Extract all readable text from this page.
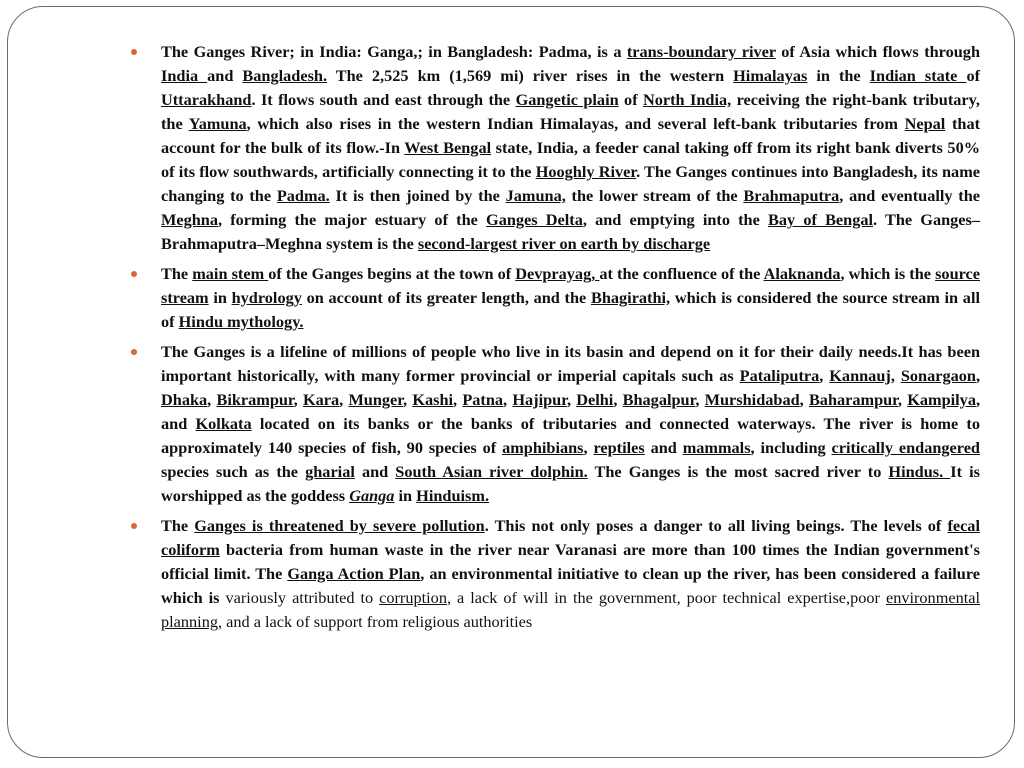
The Ganges River; in India: Ganga,; in Bangladesh: Padma, is a trans-boundary river of Asia which flows through India and Bangladesh. The 2,525 km (1,569 mi) river rises in the western Himalayas in the Indian state of Uttarakhand. It flows south and east through the Gangetic plain of North India, receiving the right-bank tributary, the Yamuna, which also rises in the western Indian Himalayas, and several left-bank tributaries from Nepal that account for the bulk of its flow.-In West Bengal state, India, a feeder canal taking off from its right bank diverts 50% of its flow southwards, artificially connecting it to the Hooghly River. The Ganges continues into Bangladesh, its name changing to the Padma. It is then joined by the Jamuna, the lower stream of the Brahmaputra, and eventually the Meghna, forming the major estuary of the Ganges Delta, and emptying into the Bay of Bengal. The Ganges–Brahmaputra–Meghna system is the second-largest river on earth by discharge
The main stem of the Ganges begins at the town of Devprayag, at the confluence of the Alaknanda, which is the source stream in hydrology on account of its greater length, and the Bhagirathi, which is considered the source stream in all of Hindu mythology.
The Ganges is a lifeline of millions of people who live in its basin and depend on it for their daily needs.It has been important historically, with many former provincial or imperial capitals such as Pataliputra, Kannauj, Sonargaon, Dhaka, Bikrampur, Kara, Munger, Kashi, Patna, Hajipur, Delhi, Bhagalpur, Murshidabad, Baharampur, Kampilya, and Kolkata located on its banks or the banks of tributaries and connected waterways. The river is home to approximately 140 species of fish, 90 species of amphibians, reptiles and mammals, including critically endangered species such as the gharial and South Asian river dolphin. The Ganges is the most sacred river to Hindus. It is worshipped as the goddess Ganga in Hinduism.
The Ganges is threatened by severe pollution. This not only poses a danger to all living beings. The levels of fecal coliform bacteria from human waste in the river near Varanasi are more than 100 times the Indian government's official limit. The Ganga Action Plan, an environmental initiative to clean up the river, has been considered a failure which is variously attributed to corruption, a lack of will in the government, poor technical expertise,poor environmental planning, and a lack of support from religious authorities
